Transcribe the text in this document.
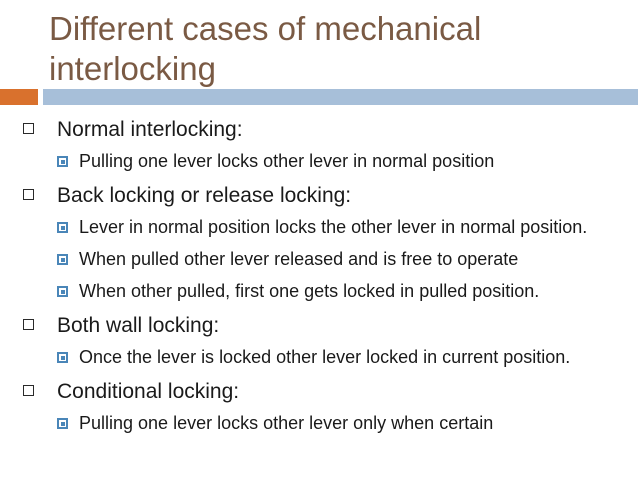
Different cases of mechanical
interlocking
Normal interlocking:
Pulling one lever locks other lever in normal position
Back locking or release locking:
Lever in normal position locks the other lever in normal position.
When pulled other lever released and is free to operate
When other pulled, first one gets locked in pulled position.
Both wall locking:
Once the lever is locked other lever locked in current position.
Conditional locking:
Pulling one lever locks other lever only when certain
